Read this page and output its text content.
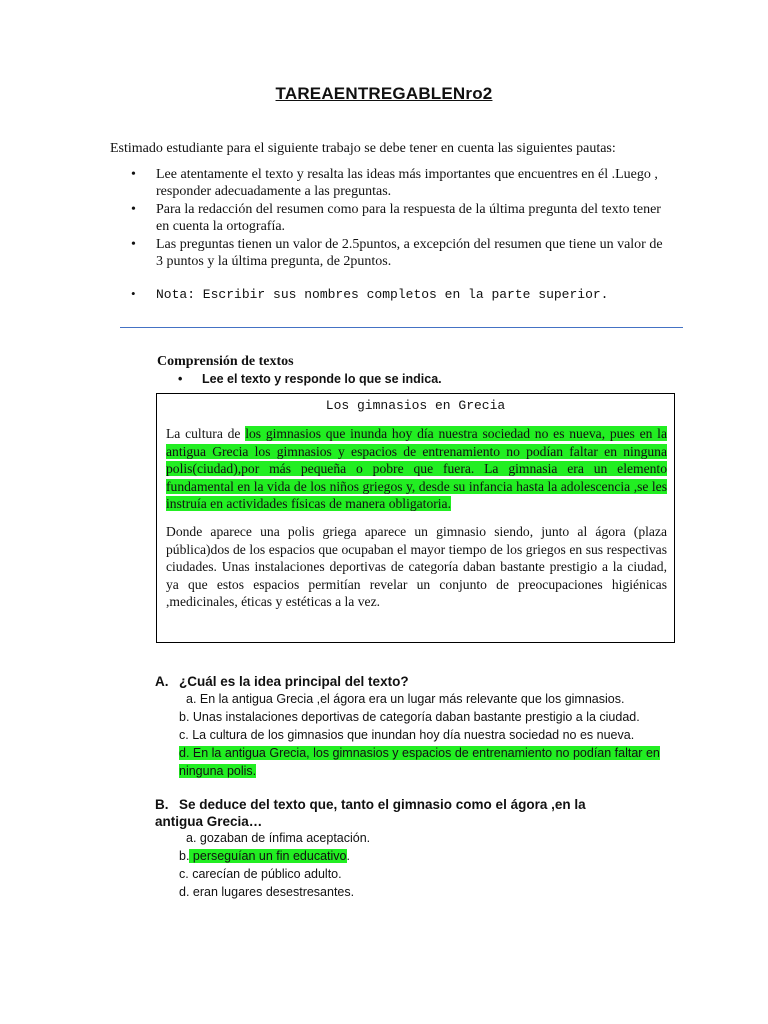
TAREAENTREGABLENro2
Estimado estudiante para el siguiente trabajo se debe tener en cuenta las siguientes pautas:
• Lee atentamente el texto y resalta las ideas más importantes que encuentres en él .Luego , responder adecuadamente a las preguntas.
• Para la redacción del resumen como para la respuesta de la última pregunta del texto tener en cuenta la ortografía.
• Las preguntas tienen un valor de 2.5puntos, a excepción del resumen que tiene un valor de 3 puntos y la última pregunta, de 2puntos.
• Nota: Escribir sus nombres completos en la parte superior.
Comprensión de textos
• Lee el texto y responde lo que se indica.
Los gimnasios en Grecia
La cultura de los gimnasios que inunda hoy día nuestra sociedad no es nueva, pues en la antigua Grecia los gimnasios y espacios de entrenamiento no podían faltar en ninguna polis(ciudad),por más pequeña o pobre que fuera. La gimnasia era un elemento fundamental en la vida de los niños griegos y, desde su infancia hasta la adolescencia ,se les instruía en actividades físicas de manera obligatoria.
Donde aparece una polis griega aparece un gimnasio siendo, junto al ágora (plaza pública)dos de los espacios que ocupaban el mayor tiempo de los griegos en sus respectivas ciudades. Unas instalaciones deportivas de categoría daban bastante prestigio a la ciudad, ya que estos espacios permitían revelar un conjunto de preocupaciones higiénicas ,medicinales, éticas y estéticas a la vez.
A. ¿Cuál es la idea principal del texto?
a. En la antigua Grecia ,el ágora era un lugar más relevante que los gimnasios.
b. Unas instalaciones deportivas de categoría daban bastante prestigio a la ciudad.
c. La cultura de los gimnasios que inundan hoy día nuestra sociedad no es nueva.
d. En la antigua Grecia, los gimnasios y espacios de entrenamiento no podían faltar en ninguna polis.
B. Se deduce del texto que, tanto el gimnasio como el ágora ,en la antigua Grecia…
a. gozaban de ínfima aceptación.
b. perseguían un fin educativo.
c. carecían de público adulto.
d. eran lugares desestresantes.
